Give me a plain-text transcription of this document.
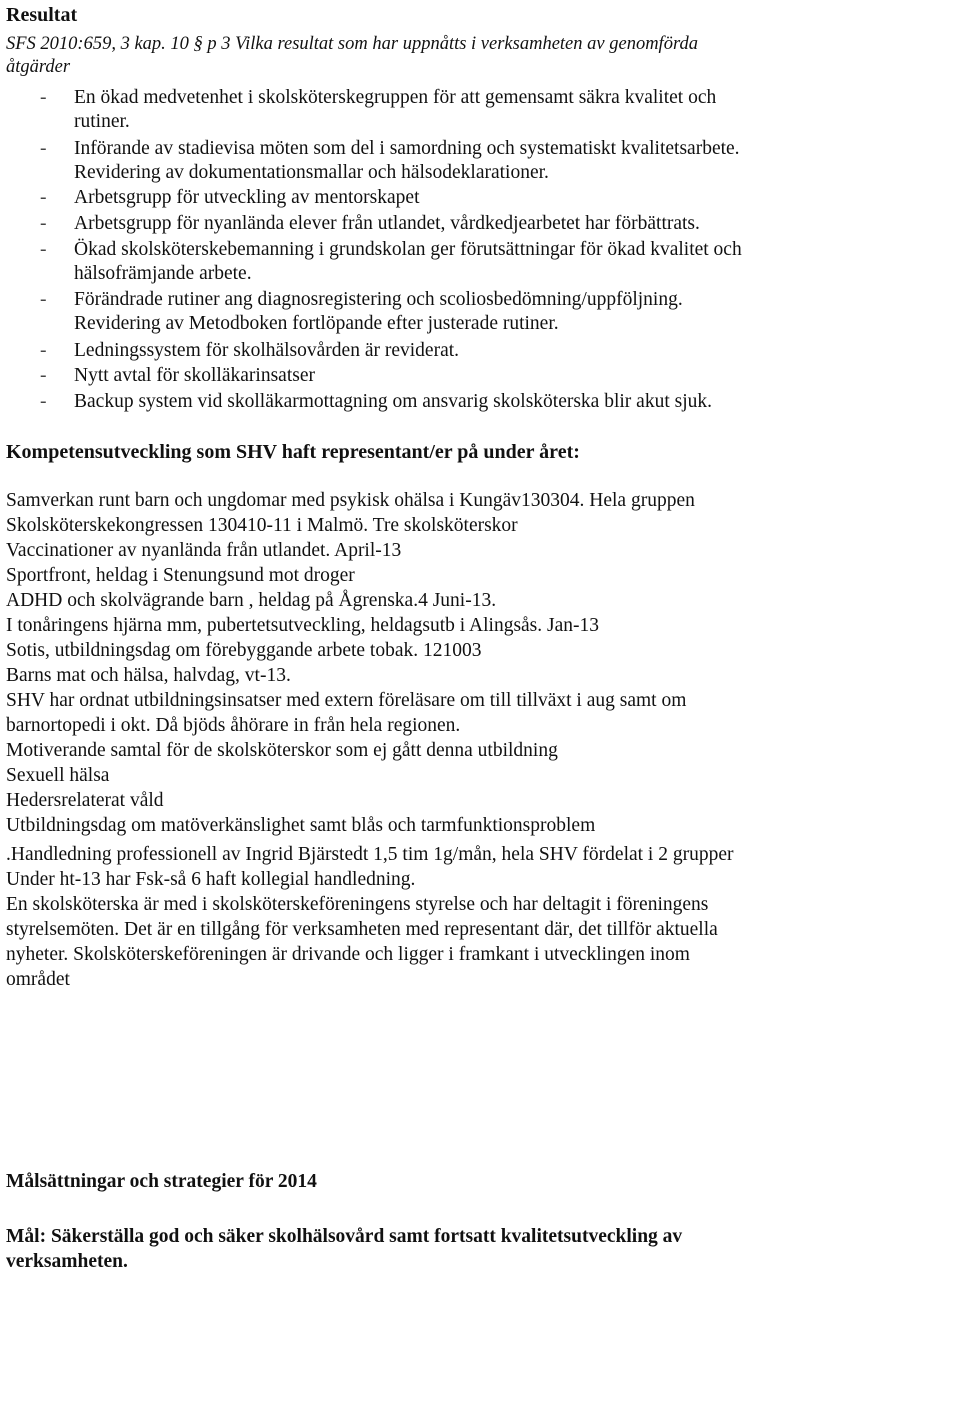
Resultat
SFS 2010:659, 3 kap. 10 § p 3 Vilka resultat som har uppnåtts i verksamheten av genomförda
åtgärder
- En ökad medvetenhet i skolsköterskegruppen för att gemensamt säkra kvalitet och
rutiner.
- Införande av stadievisa möten som del i samordning och systematiskt kvalitetsarbete.
Revidering av dokumentationsmallar och hälsodeklarationer.
- Arbetsgrupp för utveckling av mentorskapet
- Arbetsgrupp för nyanlända elever från utlandet, vårdkedjearbetet har förbättrats.
- Ökad skolsköterskebemanning i grundskolan ger förutsättningar för ökad kvalitet och
hälsofrämjande arbete.
- Förändrade rutiner ang diagnosregistering och scoliosbedömning/uppföljning.
Revidering av Metodboken fortlöpande efter justerade rutiner.
- Ledningssystem för skolhälsovården är reviderat.
- Nytt avtal för skolläkarinsatser
- Backup system vid skolläkarmottagning om ansvarig skolsköterska blir akut sjuk.
Kompetensutveckling som SHV haft representant/er på under året:
Samverkan runt barn och ungdomar med psykisk ohälsa i Kungäv130304. Hela gruppen
Skolsköterskekongressen 130410-11 i Malmö. Tre skolsköterskor
Vaccinationer av nyanlända från utlandet. April-13
Sportfront, heldag i Stenungsund mot droger
ADHD och skolvägrande barn , heldag på Ågrenska.4 Juni-13.
I tonåringens hjärna mm, pubertetsutveckling, heldagsutb i Alingsås. Jan-13
Sotis, utbildningsdag om förebyggande arbete tobak. 121003
Barns mat och hälsa, halvdag, vt-13.
SHV har ordnat utbildningsinsatser med extern föreläsare om till tillväxt i aug samt om
barnortopedi i okt. Då bjöds åhörare in från hela regionen.
Motiverande samtal för de skolsköterskor som ej gått denna utbildning
Sexuell hälsa
Hedersrelaterat våld
Utbildningsdag om matöverkänslighet samt blås och tarmfunktionsproblem
.Handledning professionell av Ingrid Bjärstedt 1,5 tim 1g/mån, hela SHV fördelat i 2 grupper
Under ht-13 har Fsk-så 6 haft kollegial handledning.
En skolsköterska är med i skolsköterskeföreningens styrelse och har deltagit i föreningens
styrelsemöten. Det är en tillgång för verksamheten med representant där, det tillför aktuella
nyheter. Skolsköterskeföreningen är drivande och ligger i framkant i utvecklingen inom
området
Målsättningar och strategier för 2014
Mål: Säkerställa god och säker skolhälsovård samt fortsatt kvalitetsutveckling av
verksamheten.
